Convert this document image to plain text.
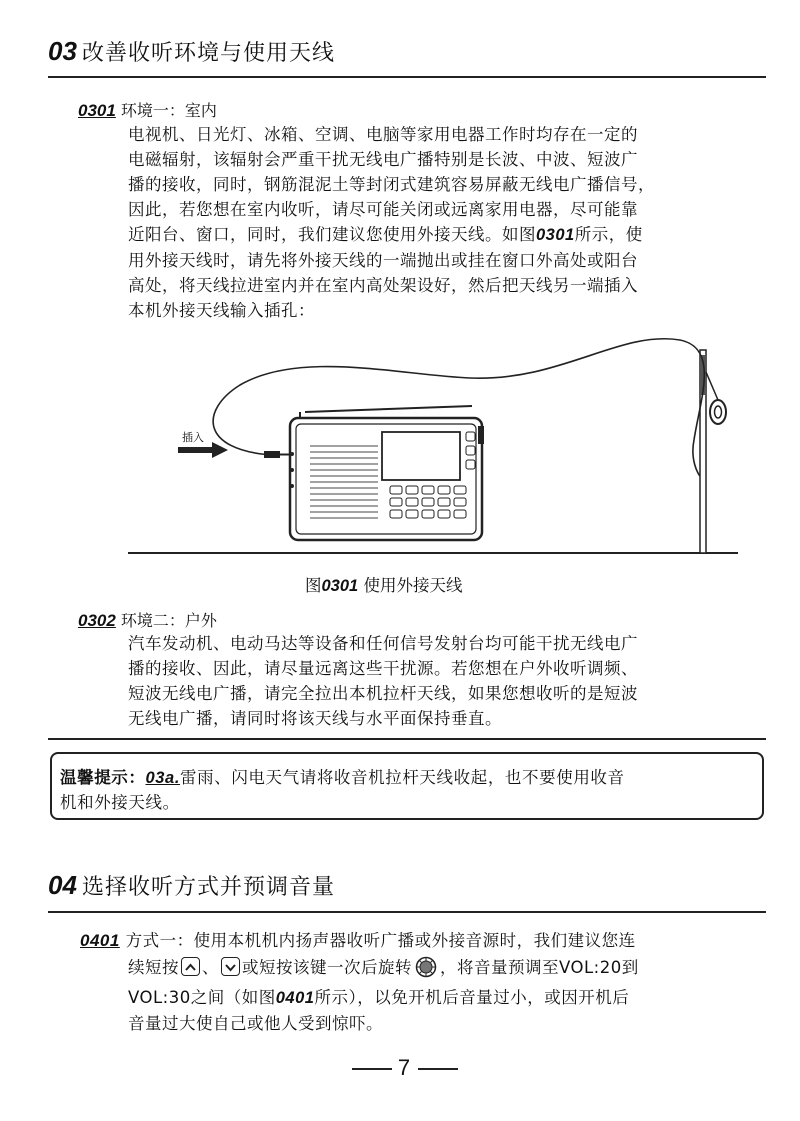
03 改善收听环境与使用天线
0301 环境一：室内
电视机、日光灯、冰箱、空调、电脑等家用电器工作时均存在一定的
电磁辐射，该辐射会严重干扰无线电广播特别是长波、中波、短波广
播的接收，同时，钢筋混泥土等封闭式建筑容易屏蔽无线电广播信号，
因此，若您想在室内收听，请尽可能关闭或远离家用电器，尽可能靠
近阳台、窗口，同时，我们建议您使用外接天线。如图0301所示，使
用外接天线时，请先将外接天线的一端抛出或挂在窗口外高处或阳台
高处，将天线拉进室内并在室内高处架设好，然后把天线另一端插入
本机外接天线输入插孔：
插入
图0301 使用外接天线
0302 环境二：户外
汽车发动机、电动马达等设备和任何信号发射台均可能干扰无线电广
播的接收、因此，请尽量远离这些干扰源。若您想在户外收听调频、
短波无线电广播，请完全拉出本机拉杆天线，如果您想收听的是短波
无线电广播，请同时将该天线与水平面保持垂直。
温馨提示：03a.雷雨、闪电天气请将收音机拉杆天线收起，也不要使用收音
机和外接天线。
04 选择收听方式并预调音量
0401 方式一：使用本机机内扬声器收听广播或外接音源时，我们建议您连
续短按 、 或短按该键一次后旋转 ，将音量预调至VOL:20到
VOL:30之间（如图0401所示），以免开机后音量过小，或因开机后
音量过大使自己或他人受到惊吓。
7
